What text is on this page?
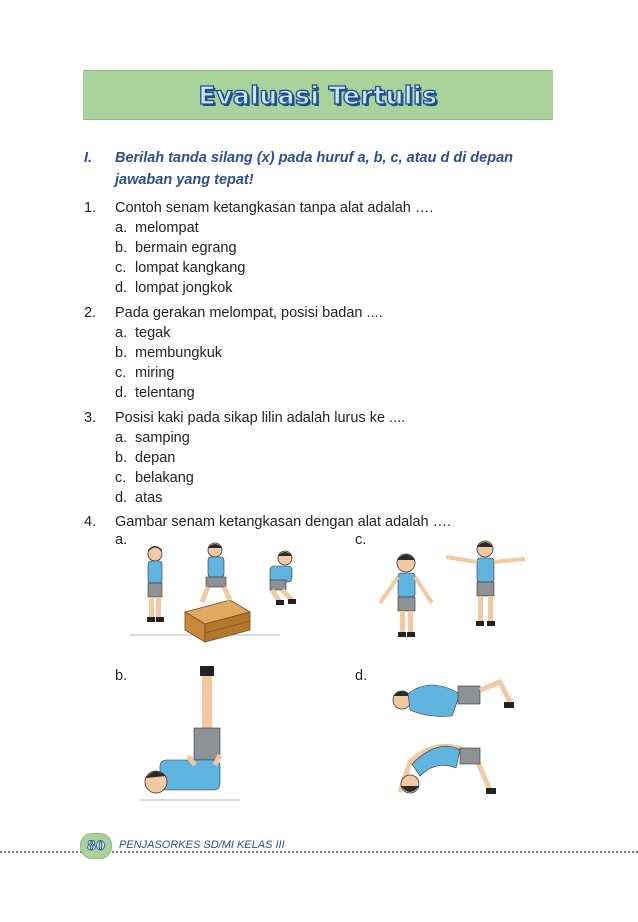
Evaluasi Tertulis
I. Berilah tanda silang (x) pada huruf a, b, c, atau d di depan jawaban yang tepat!
1. Contoh senam ketangkasan tanpa alat adalah ….
a. melompat
b. bermain egrang
c. lompat kangkang
d. lompat jongkok
2. Pada gerakan melompat, posisi badan ....
a. tegak
b. membungkuk
c. miring
d. telentang
3. Posisi kaki pada sikap lilin adalah lurus ke ....
a. samping
b. depan
c. belakang
d. atas
4. Gambar senam ketangkasan dengan alat adalah ….
a.	c.
b.	d.
80 PENJASORKES SD/MI KELAS III
